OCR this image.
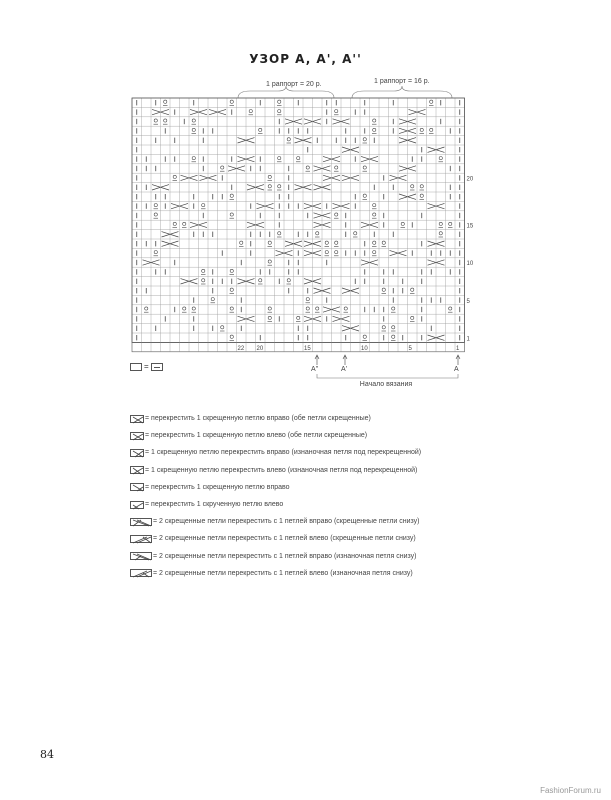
УЗОР A, A', A''
1 раппорт = 20 р.	1 раппорт = 16 р.
20
15
10
5
1
22 20	15	10	5	1
A''	A'	A
Начало вязания
=
= перекрестить 1 скрещенную петлю вправо (обе петли скрещенные)
= перекрестить 1 скрещенную петлю влево (обе петли скрещенные)
= 1 скрещенную петлю перекрестить вправо (изнаночная петля под перекрещенной)
= 1 скрещенную петлю перекрестить влево (изнаночная петля под перекрещенной)
= перекрестить 1 скрещенную петлю вправо
= перекрестить 1 скрученную петлю влево
= 2 скрещенные петли перекрестить с 1 петлей вправо (скрещенные петли снизу)
= 2 скрещенные петли перекрестить с 1 петлей влево (скрещенные петли снизу)
= 2 скрещенные петли перекрестить с 1 петлей вправо (изнаночная петля снизу)
= 2 скрещенные петли перекрестить с 1 петлей влево (изнаночная петля снизу)
84
FashionForum.ru
